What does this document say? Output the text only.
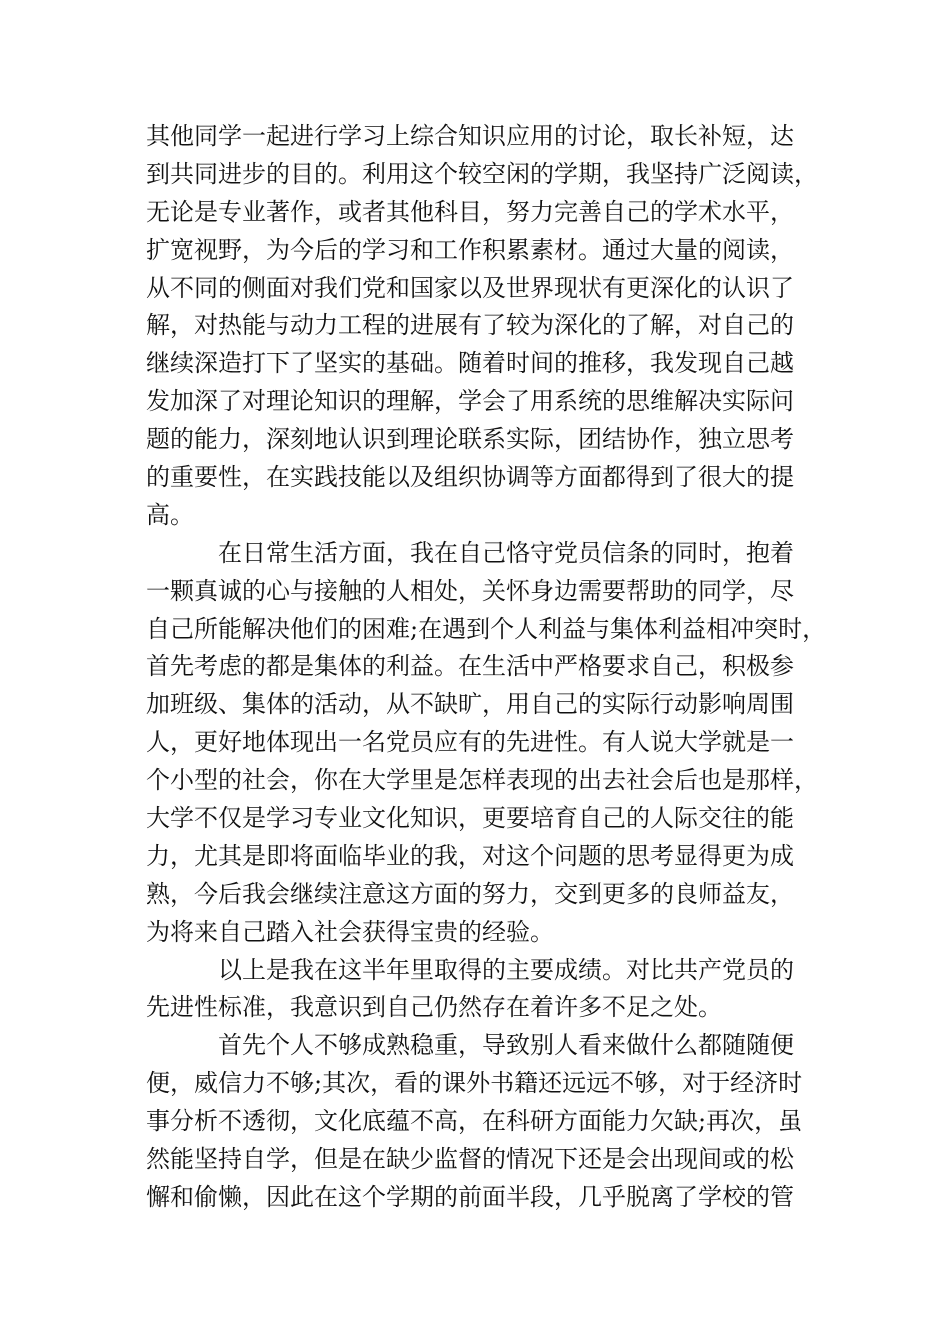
其他同学一起进行学习上综合知识应用的讨论，取长补短，达

到共同进步的目的。利用这个较空闲的学期，我坚持广泛阅读，

无论是专业著作，或者其他科目，努力完善自己的学术水平，

扩宽视野，为今后的学习和工作积累素材。通过大量的阅读，

从不同的侧面对我们党和国家以及世界现状有更深化的认识了

解，对热能与动力工程的进展有了较为深化的了解，对自己的

继续深造打下了坚实的基础。随着时间的推移，我发现自己越

发加深了对理论知识的理解，学会了用系统的思维解决实际问

题的能力，深刻地认识到理论联系实际，团结协作，独立思考

的重要性，在实践技能以及组织协调等方面都得到了很大的提

高。

在日常生活方面，我在自己恪守党员信条的同时，抱着

一颗真诚的心与接触的人相处，关怀身边需要帮助的同学，尽

自己所能解决他们的困难;在遇到个人利益与集体利益相冲突时，

首先考虑的都是集体的利益。在生活中严格要求自己，积极参

加班级、集体的活动，从不缺旷，用自己的实际行动影响周围

人，更好地体现出一名党员应有的先进性。有人说大学就是一

个小型的社会，你在大学里是怎样表现的出去社会后也是那样，

大学不仅是学习专业文化知识，更要培育自己的人际交往的能

力，尤其是即将面临毕业的我，对这个问题的思考显得更为成

熟，今后我会继续注意这方面的努力，交到更多的良师益友，

为将来自己踏入社会获得宝贵的经验。

以上是我在这半年里取得的主要成绩。对比共产党员的

先进性标准，我意识到自己仍然存在着许多不足之处。

首先个人不够成熟稳重，导致别人看来做什么都随随便

便，威信力不够;其次，看的课外书籍还远远不够，对于经济时

事分析不透彻，文化底蕴不高，在科研方面能力欠缺;再次，虽

然能坚持自学，但是在缺少监督的情况下还是会出现间或的松

懈和偷懒，因此在这个学期的前面半段，几乎脱离了学校的管
